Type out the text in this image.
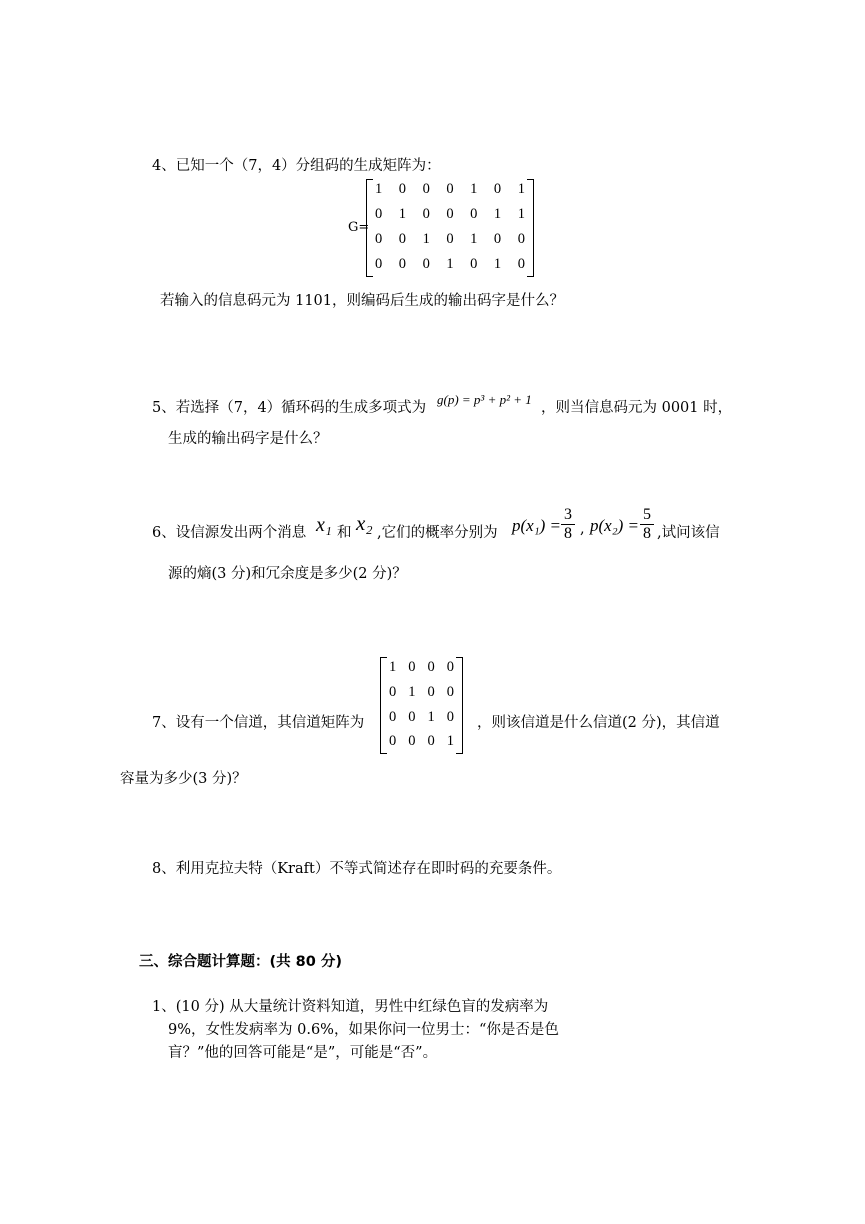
4、已知一个（7，4）分组码的生成矩阵为：
G=
1 0 0 0 1 0 1
0 1 0 0 0 1 1
0 0 1 0 1 0 0
0 0 0 1 0 1 0
若输入的信息码元为 1101，则编码后生成的输出码字是什么？
5、若选择（7，4）循环码的生成多项式为
g(p) = p³ + p² + 1
，则当信息码元为 0001 时，
生成的输出码字是什么？
6、设信源发出两个消息 x₁ 和 x₂ ,它们的概率分别为 p(x₁) =
3
8 , p(x₂) =
5
8 ,试问该信
源的熵(3 分)和冗余度是多少(2 分)？
7、设有一个信道，其信道矩阵为
1 0 0 0
0 1 0 0
0 0 1 0
0 0 0 1
，则该信道是什么信道(2 分)，其信道
容量为多少(3 分)？
8、利用克拉夫特（Kraft）不等式简述存在即时码的充要条件。
三、综合题计算题：(共 80 分)
1、(10 分) 从大量统计资料知道，男性中红绿色盲的发病率为
9%，女性发病率为 0.6%，如果你问一位男士：“你是否是色
盲？”他的回答可能是“是”，可能是“否”。
